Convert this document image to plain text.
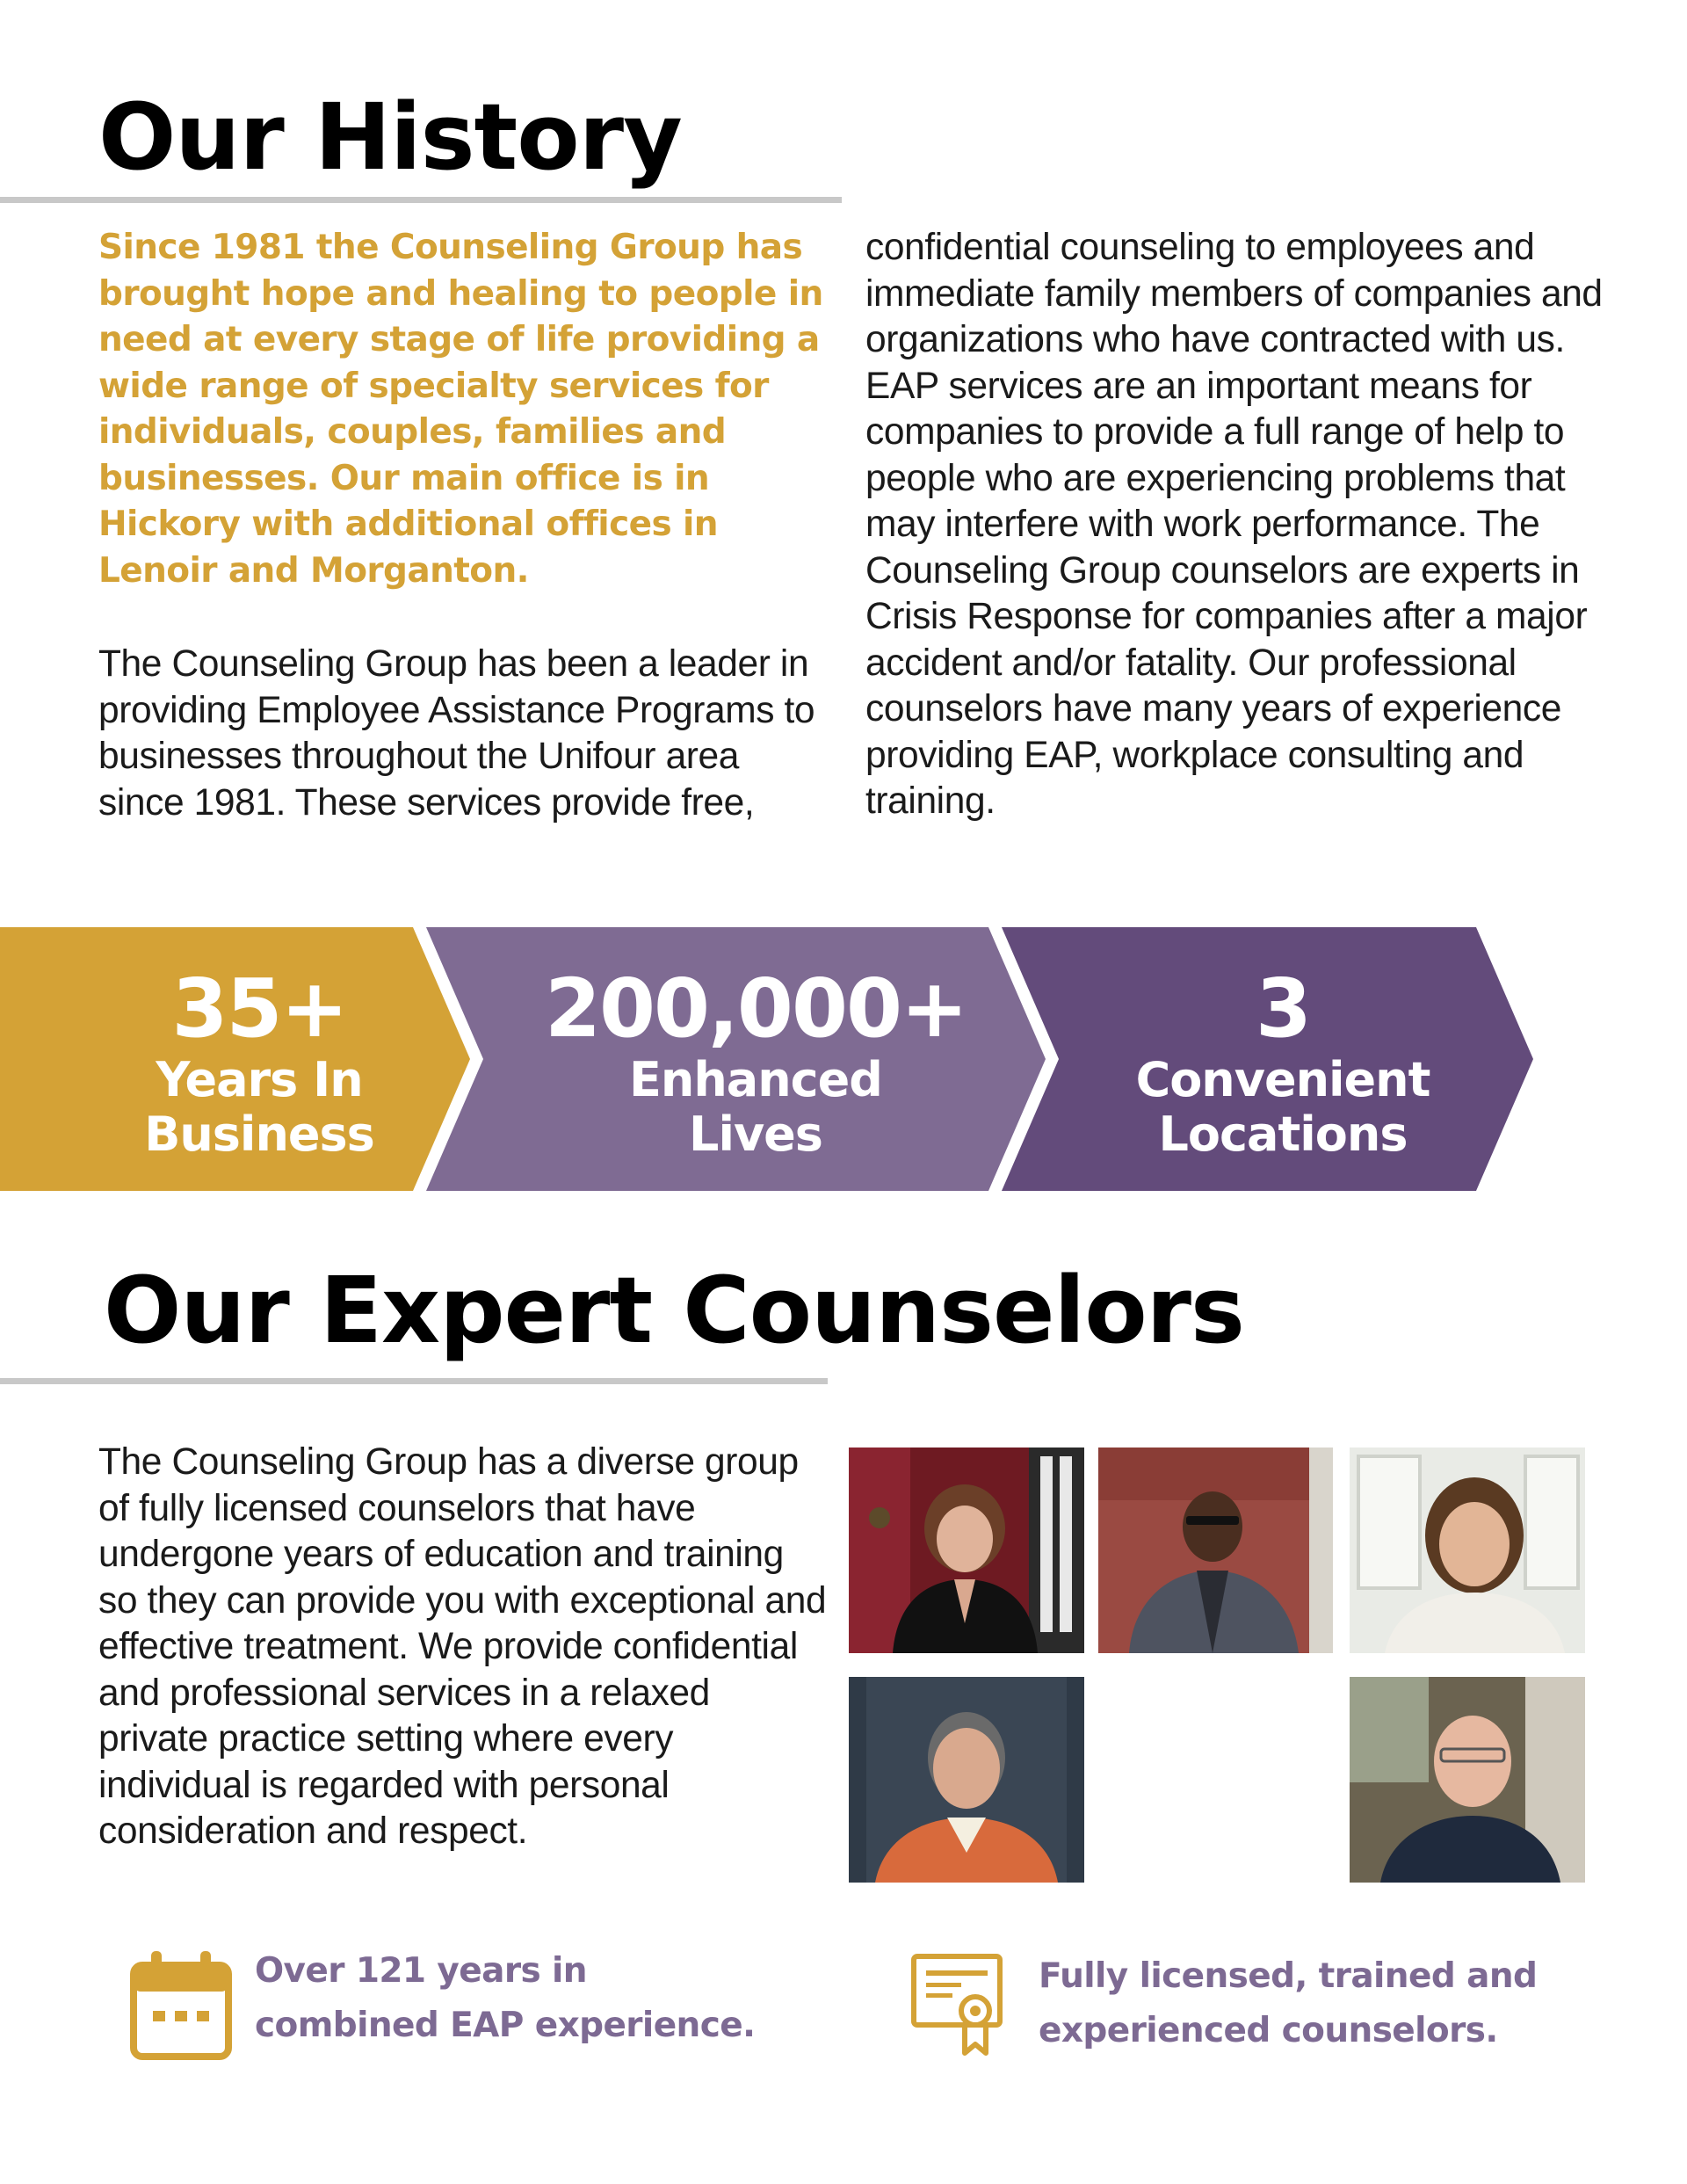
Our History

Since 1981 the Counseling Group has brought hope and healing to people in need at every stage of life providing a wide range of specialty services for individuals, couples, families and businesses. Our main office is in Hickory with additional offices in Lenoir and Morganton.

The Counseling Group has been a leader in providing Employee Assistance Programs to businesses throughout the Unifour area since 1981. These services provide free,

confidential counseling to employees and immediate family members of companies and organizations who have contracted with us. EAP services are an important means for companies to provide a full range of help to people who are experiencing problems that may interfere with work performance. The Counseling Group counselors are experts in Crisis Response for companies after a major accident and/or fatality. Our professional counselors have many years of experience providing EAP, workplace consulting and training.

35+
Years In
Business
200,000+
Enhanced
Lives
3
Convenient
Locations
Our Expert Counselors

The Counseling Group has a diverse group of fully licensed counselors that have undergone years of education and training so they can provide you with exceptional and effective treatment. We provide confidential and professional services in a relaxed private practice setting where every individual is regarded with personal consideration and respect.

Over 121 years in
combined EAP experience.
Fully licensed, trained and
experienced counselors.
